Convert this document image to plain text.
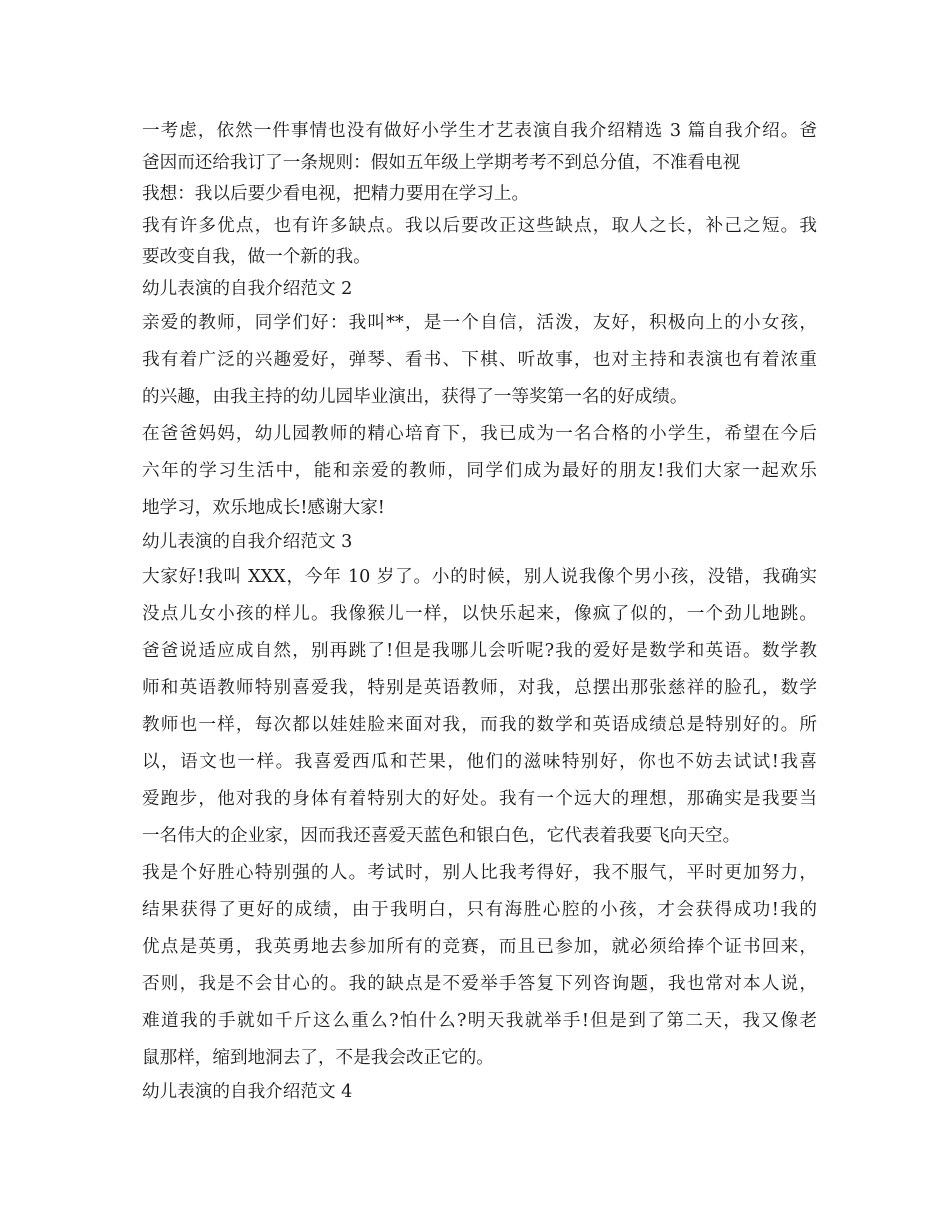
一考虑，依然一件事情也没有做好小学生才艺表演自我介绍精选 3 篇自我介绍。爸
爸因而还给我订了一条规则：假如五年级上学期考考不到总分值，不准看电视
我想：我以后要少看电视，把精力要用在学习上。
我有许多优点，也有许多缺点。我以后要改正这些缺点，取人之长，补己之短。我
要改变自我，做一个新的我。
幼儿表演的自我介绍范文 2
亲爱的教师，同学们好：我叫**，是一个自信，活泼，友好，积极向上的小女孩，
我有着广泛的兴趣爱好，弹琴、看书、下棋、听故事，也对主持和表演也有着浓重
的兴趣，由我主持的幼儿园毕业演出，获得了一等奖第一名的好成绩。
在爸爸妈妈，幼儿园教师的精心培育下，我已成为一名合格的小学生，希望在今后
六年的学习生活中，能和亲爱的教师，同学们成为最好的朋友!我们大家一起欢乐
地学习，欢乐地成长!感谢大家!
幼儿表演的自我介绍范文 3
大家好!我叫 XXX，今年 10 岁了。小的时候，别人说我像个男小孩，没错，我确实
没点儿女小孩的样儿。我像猴儿一样，以快乐起来，像疯了似的，一个劲儿地跳。
爸爸说适应成自然，别再跳了!但是我哪儿会听呢?我的爱好是数学和英语。数学教
师和英语教师特别喜爱我，特别是英语教师，对我，总摆出那张慈祥的脸孔，数学
教师也一样，每次都以娃娃脸来面对我，而我的数学和英语成绩总是特别好的。所
以，语文也一样。我喜爱西瓜和芒果，他们的滋味特别好，你也不妨去试试!我喜
爱跑步，他对我的身体有着特别大的好处。我有一个远大的理想，那确实是我要当
一名伟大的企业家，因而我还喜爱天蓝色和银白色，它代表着我要飞向天空。
我是个好胜心特别强的人。考试时，别人比我考得好，我不服气，平时更加努力，
结果获得了更好的成绩，由于我明白，只有海胜心腔的小孩，才会获得成功!我的
优点是英勇，我英勇地去参加所有的竞赛，而且已参加，就必须给捧个证书回来，
否则，我是不会甘心的。我的缺点是不爱举手答复下列咨询题，我也常对本人说，
难道我的手就如千斤这么重么?怕什么?明天我就举手!但是到了第二天，我又像老
鼠那样，缩到地洞去了，不是我会改正它的。
幼儿表演的自我介绍范文 4
